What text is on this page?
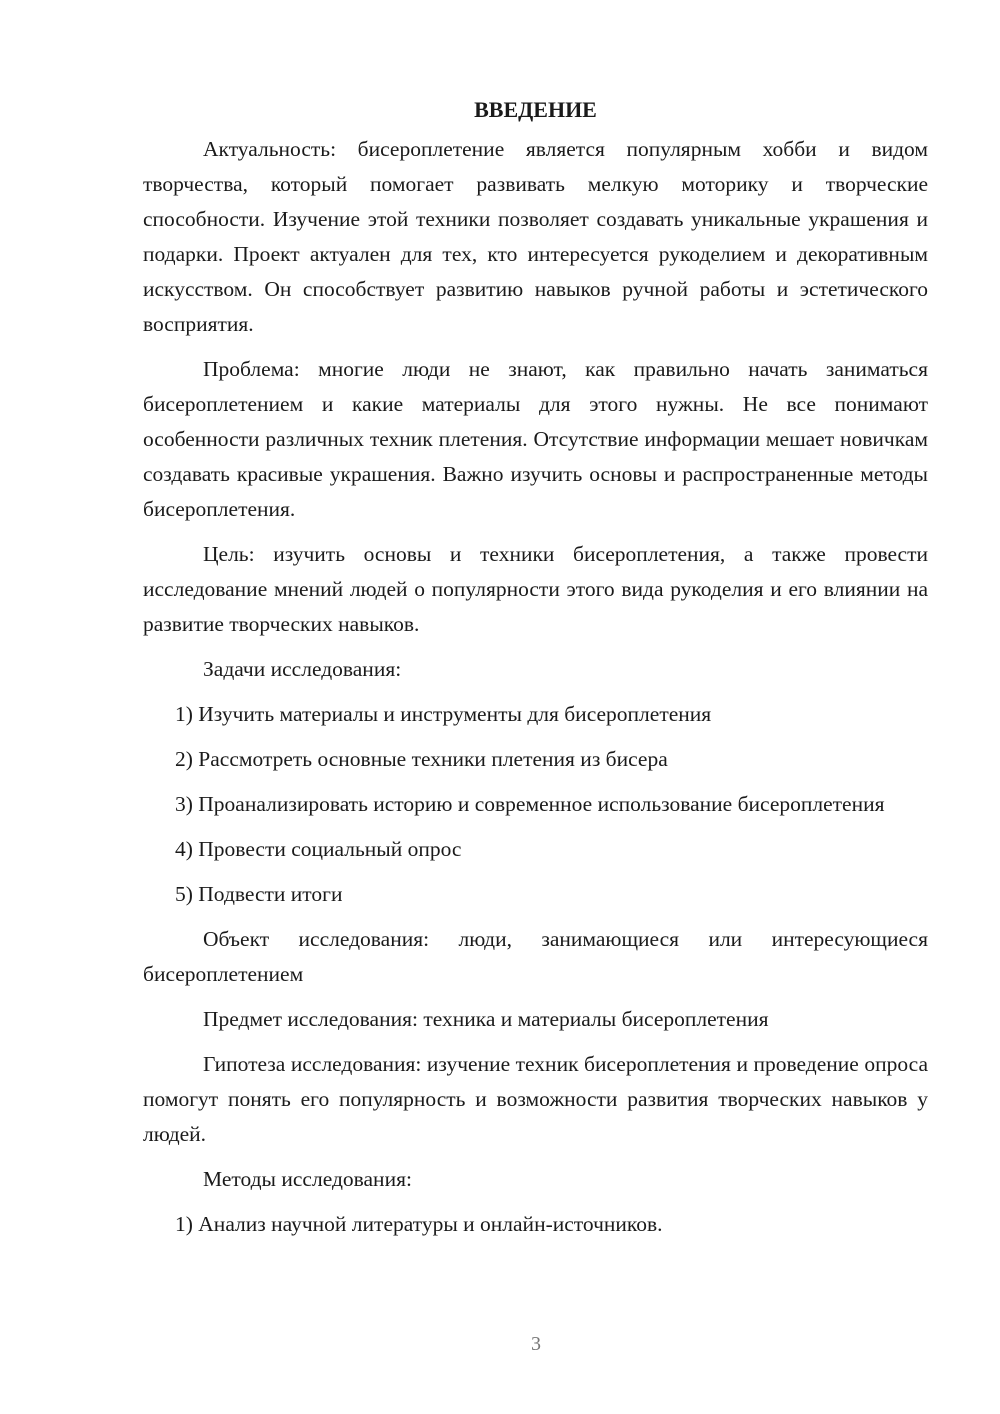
ВВЕДЕНИЕ

Актуальность: бисероплетение является популярным хобби и видом творчества, который помогает развивать мелкую моторику и творческие способности. Изучение этой техники позволяет создавать уникальные украшения и подарки. Проект актуален для тех, кто интересуется рукоделием и декоративным искусством. Он способствует развитию навыков ручной работы и эстетического восприятия.

Проблема: многие люди не знают, как правильно начать заниматься бисероплетением и какие материалы для этого нужны. Не все понимают особенности различных техник плетения. Отсутствие информации мешает новичкам создавать красивые украшения. Важно изучить основы и распространенные методы бисероплетения.

Цель: изучить основы и техники бисероплетения, а также провести исследование мнений людей о популярности этого вида рукоделия и его влиянии на развитие творческих навыков.

Задачи исследования:

1) Изучить материалы и инструменты для бисероплетения

2) Рассмотреть основные техники плетения из бисера

3) Проанализировать историю и современное использование бисероплетения

4) Провести социальный опрос

5) Подвести итоги

Объект исследования: люди, занимающиеся или интересующиеся бисероплетением

Предмет исследования: техника и материалы бисероплетения

Гипотеза исследования: изучение техник бисероплетения и проведение опроса помогут понять его популярность и возможности развития творческих навыков у людей.

Методы исследования:

1) Анализ научной литературы и онлайн-источников.

3
